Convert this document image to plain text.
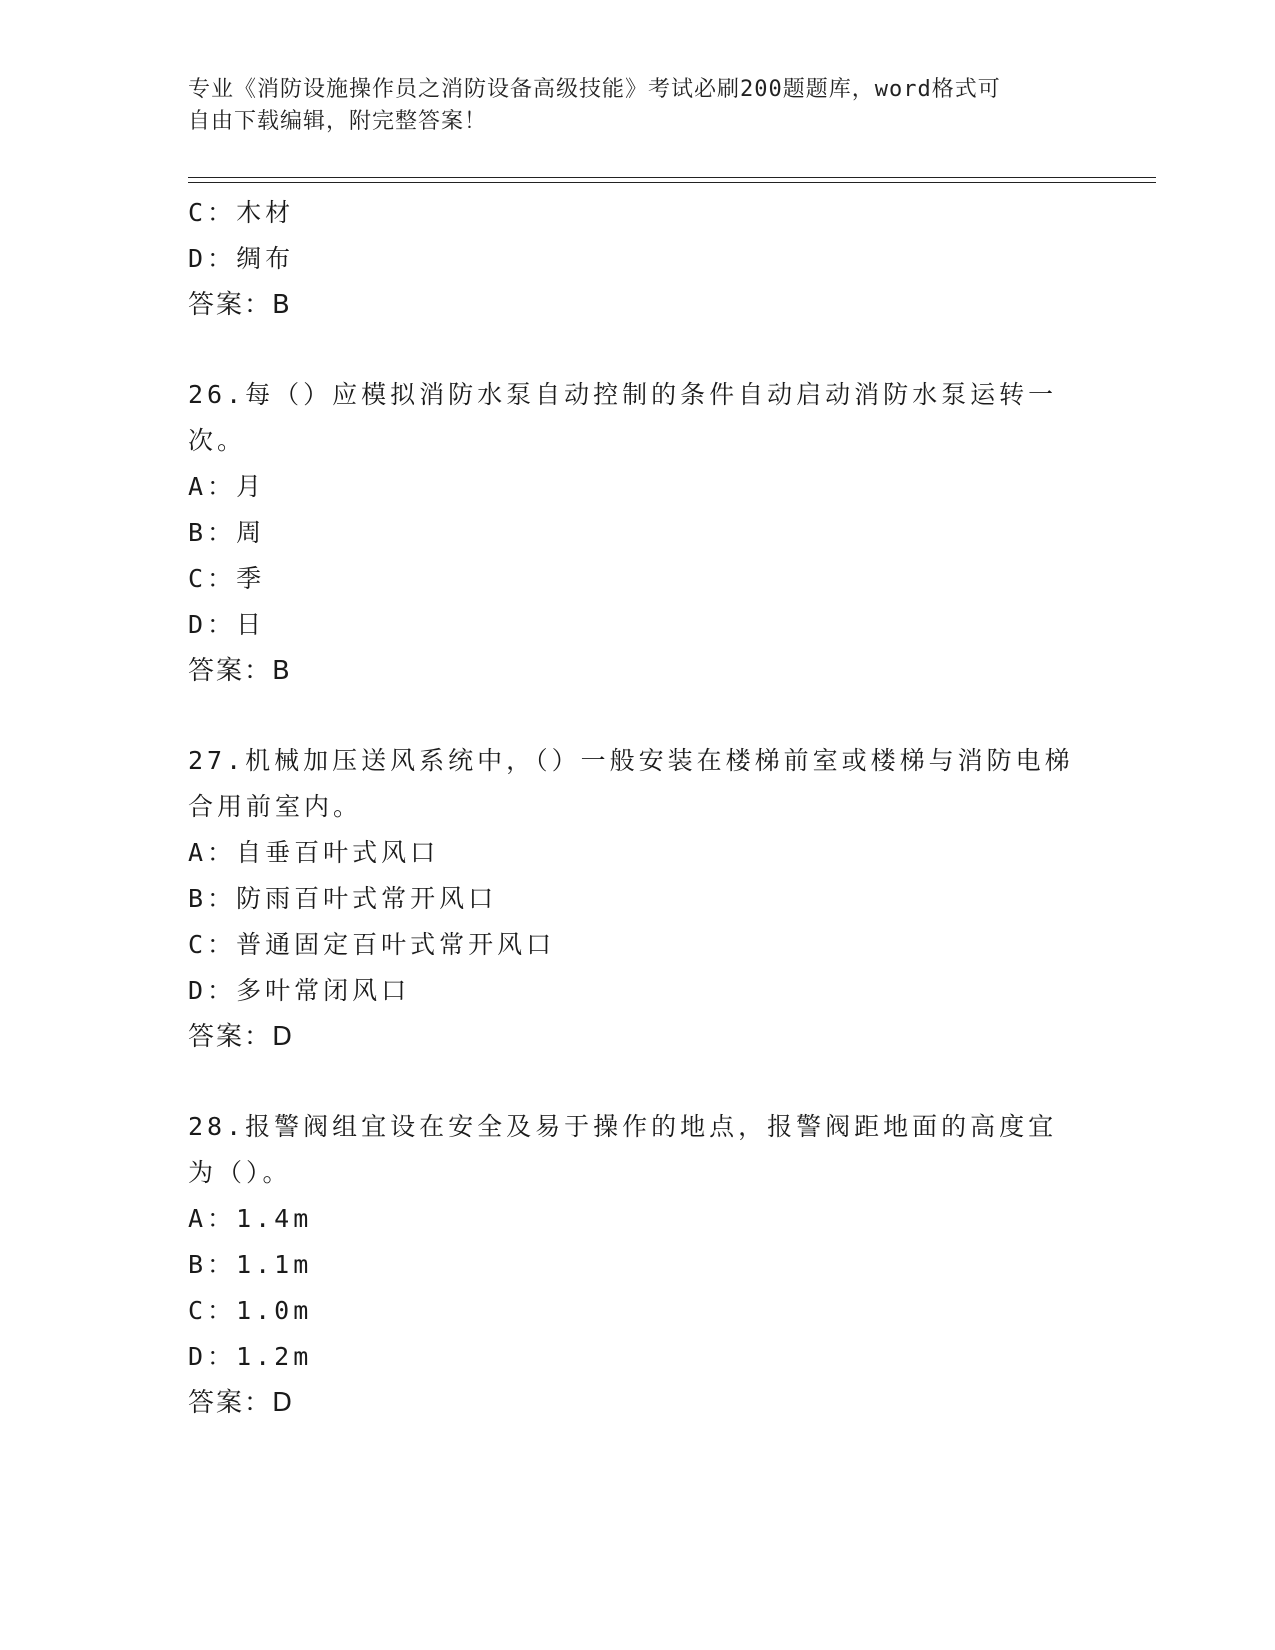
专业《消防设施操作员之消防设备高级技能》考试必刷200题题库，word格式可
自由下载编辑，附完整答案！
C：木材
D：绸布
答案：B
26.每（）应模拟消防水泵自动控制的条件自动启动消防水泵运转一次。
A：月
B：周
C：季
D：日
答案：B
27.机械加压送风系统中，（）一般安装在楼梯前室或楼梯与消防电梯合用前室内。
A：自垂百叶式风口
B：防雨百叶式常开风口
C：普通固定百叶式常开风口
D：多叶常闭风口
答案：D
28.报警阀组宜设在安全及易于操作的地点，报警阀距地面的高度宜为（）。
A：1.4m
B：1.1m
C：1.0m
D：1.2m
答案：D
